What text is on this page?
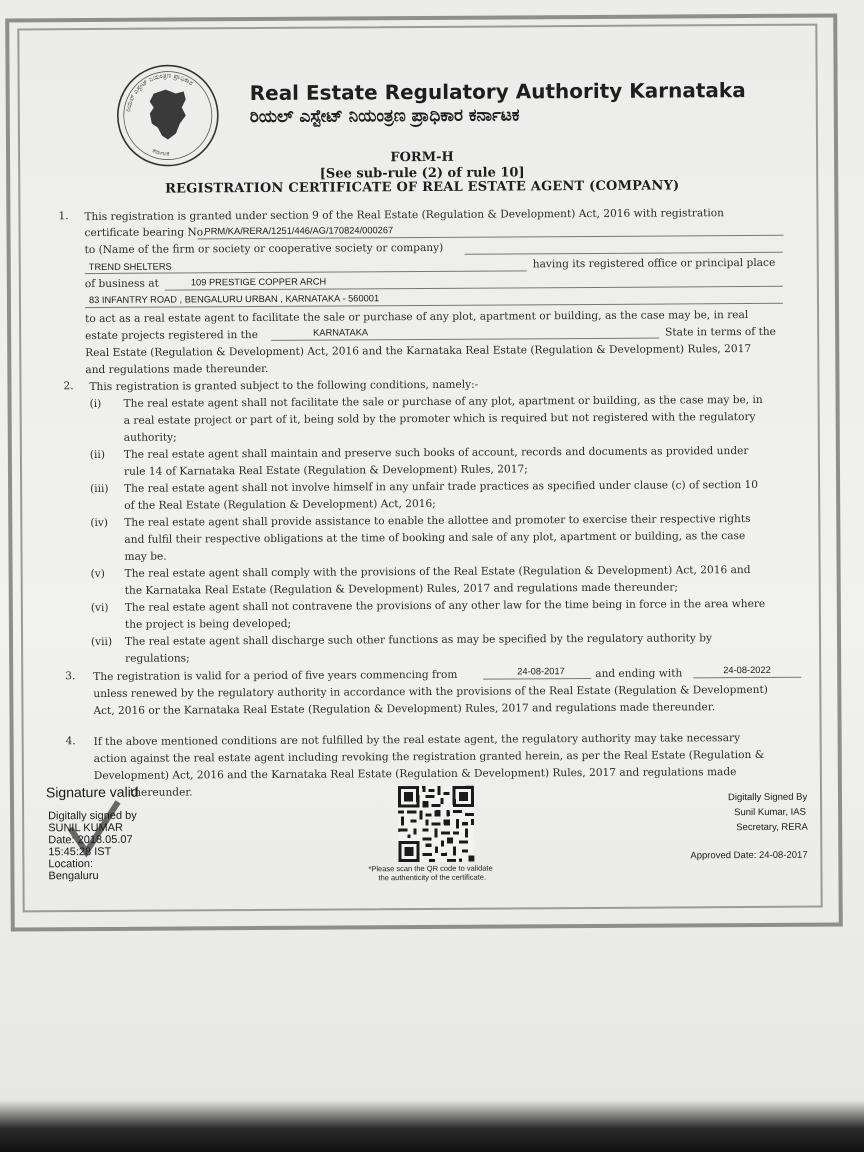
ರಿಯಲ್ ಎಸ್ಟೇಟ್ ನಿಯಂತ್ರಣ ಪ್ರಾಧಿಕಾರ
ಕರ್ನಾಟಕ
Real Estate Regulatory Authority Karnataka
ರಿಯಲ್ ಎಸ್ಟೇಟ್ ನಿಯಂತ್ರಣ ಪ್ರಾಧಿಕಾರ ಕರ್ನಾಟಕ
FORM-H
[See sub-rule (2) of rule 10]
REGISTRATION CERTIFICATE OF REAL ESTATE AGENT (COMPANY)
1. This registration is granted under section 9 of the Real Estate (Regulation & Development) Act, 2016 with registration
certificate bearing No.
PRM/KA/RERA/1251/446/AG/170824/000267
to (Name of the firm or society or cooperative society or company)
TREND SHELTERS	having its registered office or principal place
of business at	109 PRESTIGE COPPER ARCH
83 INFANTRY ROAD , BENGALURU URBAN , KARNATAKA - 560001
to act as a real estate agent to facilitate the sale or purchase of any plot, apartment or building, as the case may be, in real
estate projects registered in the	KARNATAKA	State in terms of the
Real Estate (Regulation & Development) Act, 2016 and the Karnataka Real Estate (Regulation & Development) Rules, 2017
and regulations made thereunder.
2. This registration is granted subject to the following conditions, namely:-
(i) The real estate agent shall not facilitate the sale or purchase of any plot, apartment or building, as the case may be, in
a real estate project or part of it, being sold by the promoter which is required but not registered with the regulatory
authority;
(ii) The real estate agent shall maintain and preserve such books of account, records and documents as provided under
rule 14 of Karnataka Real Estate (Regulation & Development) Rules, 2017;
(iii) The real estate agent shall not involve himself in any unfair trade practices as specified under clause (c) of section 10
of the Real Estate (Regulation & Development) Act, 2016;
(iv) The real estate agent shall provide assistance to enable the allottee and promoter to exercise their respective rights
and fulfil their respective obligations at the time of booking and sale of any plot, apartment or building, as the case
may be.
(v) The real estate agent shall comply with the provisions of the Real Estate (Regulation & Development) Act, 2016 and
the Karnataka Real Estate (Regulation & Development) Rules, 2017 and regulations made thereunder;
(vi) The real estate agent shall not contravene the provisions of any other law for the time being in force in the area where
the project is being developed;
(vii) The real estate agent shall discharge such other functions as may be specified by the regulatory authority by
regulations;
3. The registration is valid for a period of five years commencing from	24-08-2017	and ending with	24-08-2022
unless renewed by the regulatory authority in accordance with the provisions of the Real Estate (Regulation & Development)
Act, 2016 or the Karnataka Real Estate (Regulation & Development) Rules, 2017 and regulations made thereunder.
4. If the above mentioned conditions are not fulfilled by the real estate agent, the regulatory authority may take necessary
action against the real estate agent including revoking the registration granted herein, as per the Real Estate (Regulation &
Development) Act, 2016 and the Karnataka Real Estate (Regulation & Development) Rules, 2017 and regulations made
thereunder.
Signature valid
Digitally signed by
SUNIL KUMAR
Date: 2018.05.07
15:45:28 IST
Location:
Bengaluru
*Please scan the QR code to validate
the authenticity of the certificate.
Digitally Signed By
Sunil Kumar, IAS
Secretary, RERA
Approved Date: 24-08-2017
